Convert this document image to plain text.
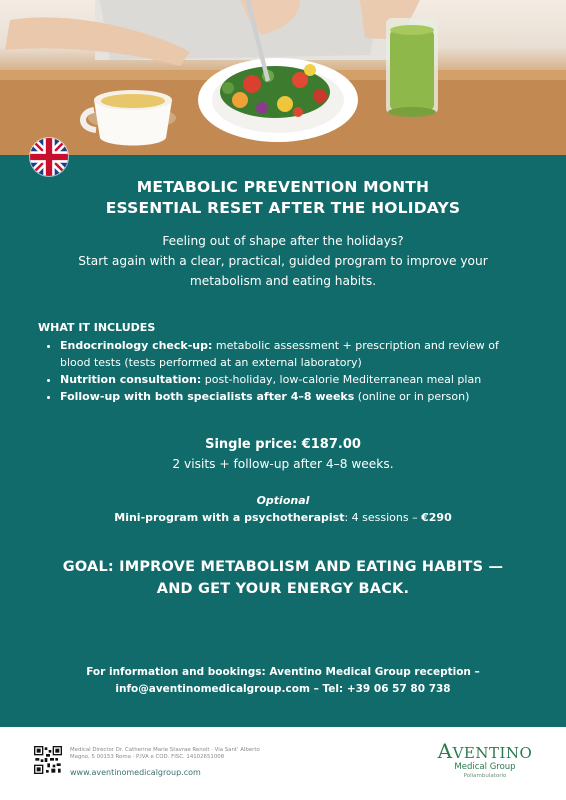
METABOLIC PREVENTION MONTH
ESSENTIAL RESET AFTER THE HOLIDAYS
Feeling out of shape after the holidays?
Start again with a clear, practical, guided program to improve your
metabolism and eating habits.
WHAT IT INCLUDES
• Endocrinology check-up: metabolic assessment + prescription and review of blood tests (tests performed at an external laboratory)
• Nutrition consultation: post-holiday, low-calorie Mediterranean meal plan
• Follow-up with both specialists after 4–8 weeks (online or in person)
Single price: €187.00
2 visits + follow-up after 4–8 weeks.
Optional
Mini-program with a psychotherapist: 4 sessions – €290
GOAL: IMPROVE METABOLISM AND EATING HABITS —
AND GET YOUR ENERGY BACK.
For information and bookings: Aventino Medical Group reception –
info@aventinomedicalgroup.com – Tel: +39 06 57 80 738
Medical Director Dr. Catherine Marie Stavrae Renoit · Via Sant' Alberto
Magno, 5 00153 Roma · P.IVA e COD. FISC. 14102651008
www.aventinomedicalgroup.com
AVENTINO
Medical Group
Poliambulatorio
